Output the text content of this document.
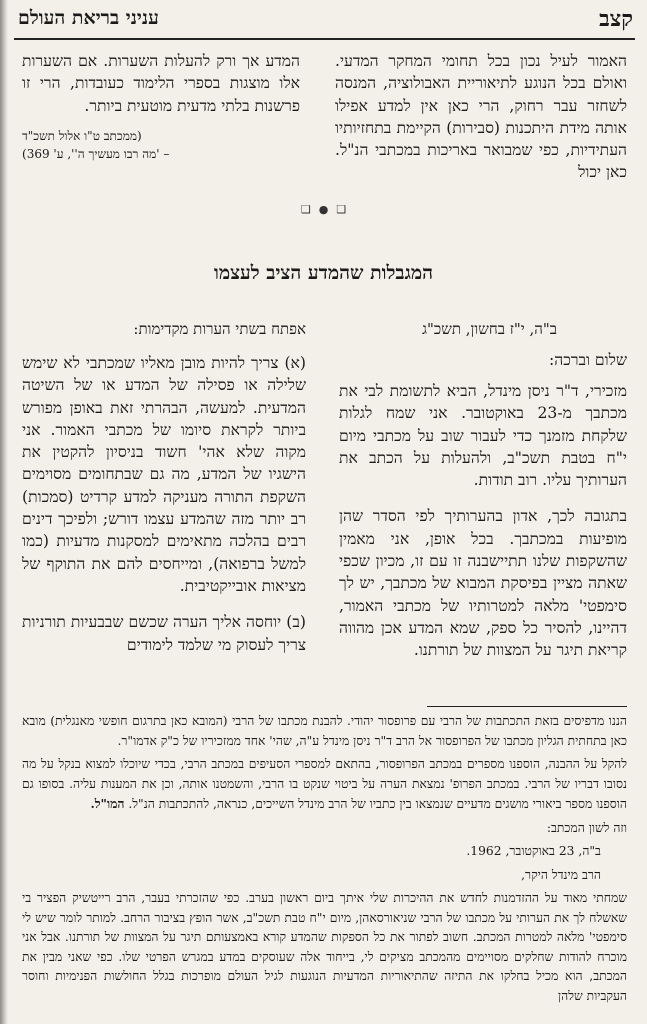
קצב
עניני בריאת העולם

האמור לעיל נכון בכל תחומי המחקר המדעי. ואולם בכל הנוגע לתיאוריית האבולוציה, המנסה לשחזר עבר רחוק, הרי כאן אין למדע אפילו אותה מידת היתכנות (סבירות) הקיימת בתחזיותיו העתידיות, כפי שמבואר באריכות במכתבי הנ"ל. כאן יכול

המדע אך ורק להעלות השערות. אם השערות אלו מוצגות בספרי הלימוד כעובדות, הרי זו פרשנות בלתי מדעית מוטעית ביותר.

(ממכתב ט"ו אלול תשכ"ד
– 'מה רבו מעשיך ה'', ע' 369)
❑ ● ❑
המגבלות שהמדע הציב לעצמו

ב"ה, י"ז בחשון, תשכ"ג

שלום וברכה:

מזכירי, ד"ר ניסן מינדל, הביא לתשומת לבי את מכתבך מ-23 באוקטובר. אני שמח לגלות שלקחת מזמנך כדי לעבור שוב על מכתבי מיום י"ח בטבת תשכ"ב, ולהעלות על הכתב את הערותיך עליו. רוב תודות.

בתגובה לכך, אדון בהערותיך לפי הסדר שהן מופיעות במכתבך. בכל אופן, אני מאמין שהשקפות שלנו תתיישבנה זו עם זו, מכיון שכפי שאתה מציין בפיסקת המבוא של מכתבך, יש לך סימפטי' מלאה למטרותיו של מכתבי האמור, דהיינו, להסיר כל ספק, שמא המדע אכן מהווה קריאת תיגר על המצוות של תורתנו.

אפתח בשתי הערות מקדימות:

(א) צריך להיות מובן מאליו שמכתבי לא שימש שלילה או פסילה של המדע או של השיטה המדעית. למעשה, הבהרתי זאת באופן מפורש ביותר לקראת סיומו של מכתבי האמור. אני מקוה שלא אהי' חשוד בניסיון להקטין את הישגיו של המדע, מה גם שבתחומים מסוימים השקפת התורה מעניקה למדע קרדיט (סמכות) רב יותר מזה שהמדע עצמו דורש; ולפיכך דינים רבים בהלכה מתאימים למסקנות מדעיות (כמו למשל ברפואה), ומייחסים להם את התוקף של מציאות אובייקטיבית.

(ב) יוחסה אליך הערה שכשם שבבעיות תורניות צריך לעסוק מי שלמד לימודים

הננו מדפיסים בזאת התכתבות של הרבי עם פרופסור יהודי. להבנת מכתבו של הרבי (המובא כאן בתרגום חופשי מאנגלית) מובא כאן בתחתית הגליון מכתבו של הפרופסור אל הרב ד"ר ניסן מינדל ע"ה, שהי' אחד ממזכיריו של כ"ק אדמו"ר.

להקל על ההבנה, הוספנו מספרים במכתב הפרופסור, בהתאם למספרי הסעיפים במכתב הרבי, בכדי שיוכלו למצוא בנקל על מה נסובו דבריו של הרבי. במכתב הפרופ' נמצאת הערה על ביטוי שנקט בו הרבי, והשמטנו אותה, וכן את המענות עליה. בסופו גם הוספנו מספר ביאורי מושגים מדעיים שנמצאו בין כתביו של הרב מינדל השייכים, כנראה, להתכתבות הנ"ל. המו"ל.

וזה לשון המכתב:

ב"ה, 23 באוקטובר, 1962.

הרב מינדל היקר,

שמחתי מאוד על ההזדמנות לחדש את ההיכרות שלי איתך ביום ראשון בערב. כפי שהזכרתי בעבר, הרב רייטשיק הפציר בי שאשלח לך את הערותי על מכתבו של הרבי שניאורסאהן, מיום י"ח טבת תשכ"ב, אשר הופץ בציבור הרחב. למותר לומר שיש לי סימפטי' מלאה למטרות המכתב. חשוב לפתור את כל הספקות שהמדע קורא באמצעותם תיגר על המצוות של תורתנו. אבל אני מוכרח להודות שחלקים מסויימים מהמכתב מציקים לי, בייחוד אלה שעוסקים במדע במגרש הפרטי שלו. כפי שאני מבין את המכתב, הוא מכיל בחלקו את התיזה שהתיאוריות המדעיות הנוגעות לגיל העולם מופרכות בגלל החולשות הפנימיות וחוסר העקביות שלהן
